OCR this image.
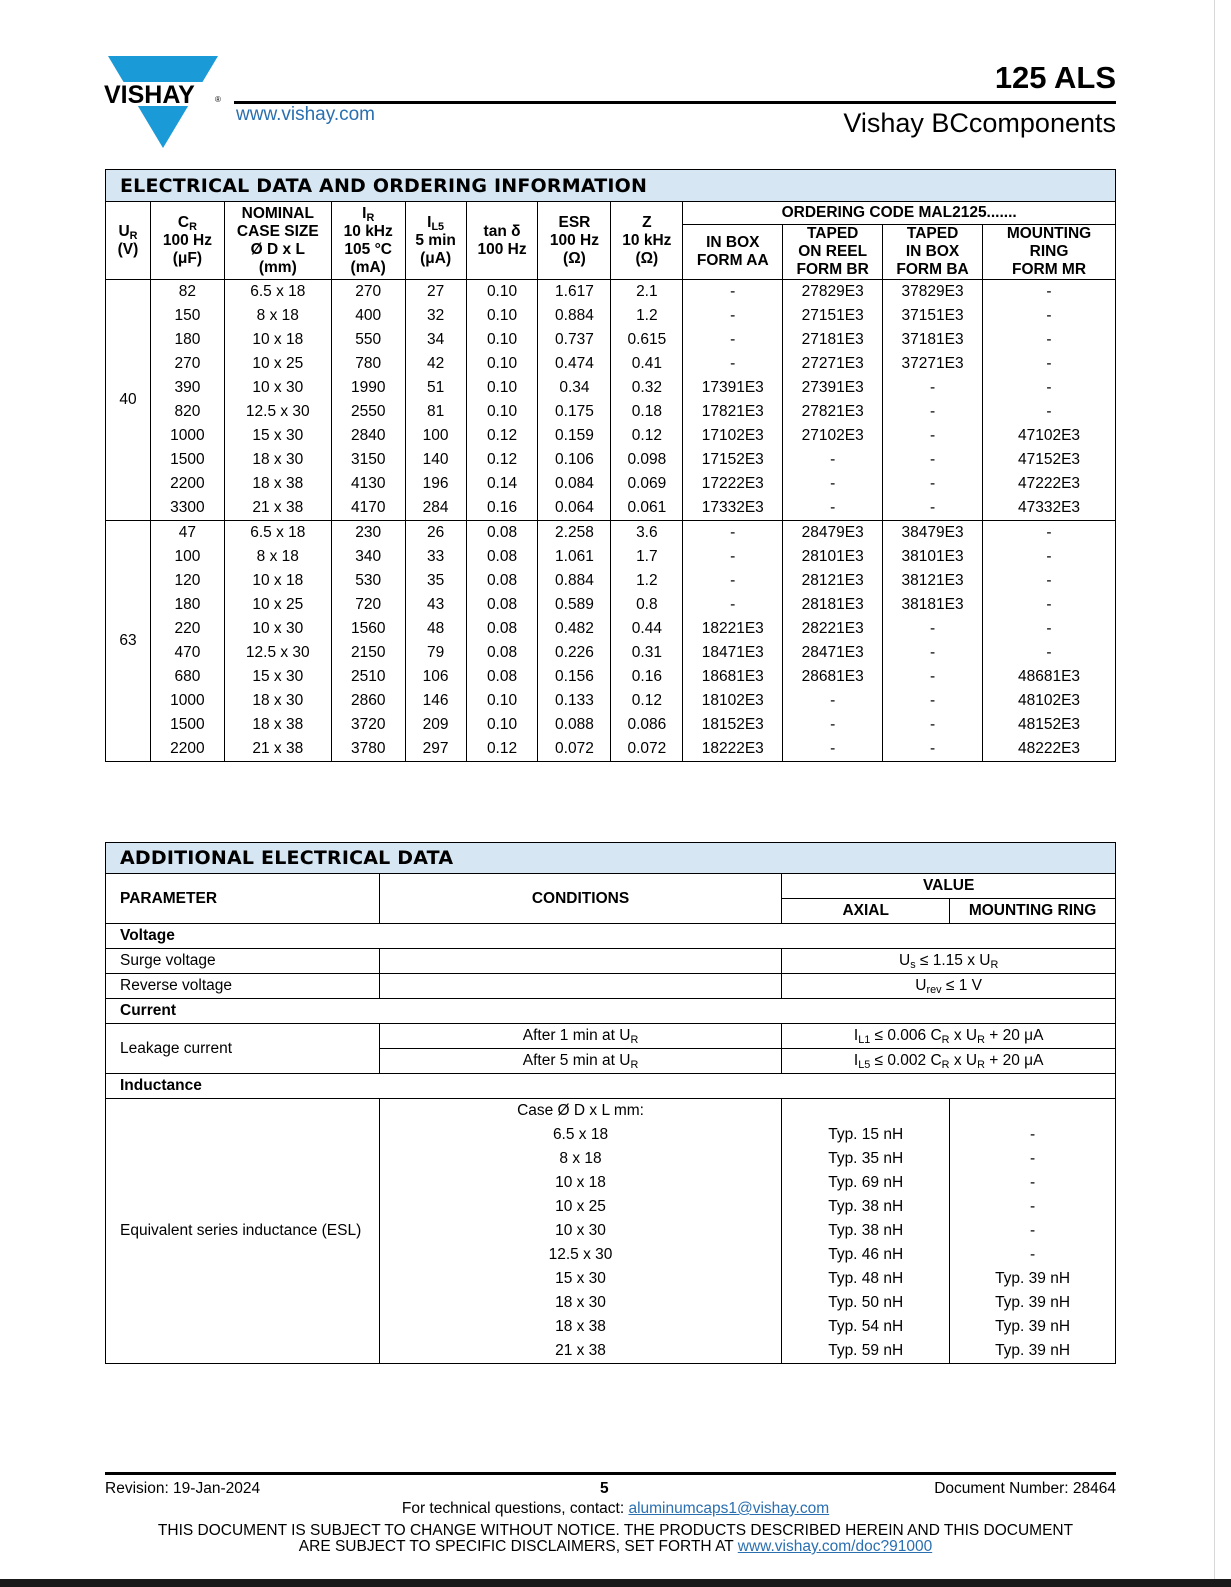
VISHAY	®
www.vishay.com
125 ALS
Vishay BCcomponents
ELECTRICAL DATA AND ORDERING INFORMATION											
$U_R$
(V)	$C_R$
100 Hz
(μF)	NOMINAL
CASE SIZE
Ø D x L
(mm)	$I_R$
10 kHz
105 °C
(mA)	$I_{L5}$
5 min
(μA)	tan δ
100 Hz	ESR
100 Hz
(Ω)	Z
10 kHz
(Ω)	ORDERING CODE MAL2125.......			
								IN BOX
FORM AA	TAPED
ON REEL
FORM BR	TAPED
IN BOX
FORM BA	MOUNTING
RING
FORM MR
40	82	6.5 x 18	270	27	0.10	1.617	2.1	-	27829E3	37829E3	-
	150	8 x 18	400	32	0.10	0.884	1.2	-	27151E3	37151E3	-
	180	10 x 18	550	34	0.10	0.737	0.615	-	27181E3	37181E3	-
	270	10 x 25	780	42	0.10	0.474	0.41	-	27271E3	37271E3	-
	390	10 x 30	1990	51	0.10	0.34	0.32	17391E3	27391E3	-	-
	820	12.5 x 30	2550	81	0.10	0.175	0.18	17821E3	27821E3	-	-
	1000	15 x 30	2840	100	0.12	0.159	0.12	17102E3	27102E3	-	47102E3
	1500	18 x 30	3150	140	0.12	0.106	0.098	17152E3	-	-	47152E3
	2200	18 x 38	4130	196	0.14	0.084	0.069	17222E3	-	-	47222E3
	3300	21 x 38	4170	284	0.16	0.064	0.061	17332E3	-	-	47332E3
63	47	6.5 x 18	230	26	0.08	2.258	3.6	-	28479E3	38479E3	-
	100	8 x 18	340	33	0.08	1.061	1.7	-	28101E3	38101E3	-
	120	10 x 18	530	35	0.08	0.884	1.2	-	28121E3	38121E3	-
	180	10 x 25	720	43	0.08	0.589	0.8	-	28181E3	38181E3	-
	220	10 x 30	1560	48	0.08	0.482	0.44	18221E3	28221E3	-	-
	470	12.5 x 30	2150	79	0.08	0.226	0.31	18471E3	28471E3	-	-
	680	15 x 30	2510	106	0.08	0.156	0.16	18681E3	28681E3	-	48681E3
	1000	18 x 30	2860	146	0.10	0.133	0.12	18102E3	-	-	48102E3
	1500	18 x 38	3720	209	0.10	0.088	0.086	18152E3	-	-	48152E3
	2200	21 x 38	3780	297	0.12	0.072	0.072	18222E3	-	-	48222E3
ADDITIONAL ELECTRICAL DATA			
PARAMETER	CONDITIONS	VALUE	
		AXIAL	MOUNTING RING
Voltage			
Surge voltage		$U_s \le 1.15$ x $U_R$
Reverse voltage		$U_{rev} \le 1$ V	
Current			
Leakage current	After 1 min at $U_R$	$I_{L1} \le 0.006$ $C_R$ x $U_R + 20$ μA	
	After 5 min at $U_R$	$I_{L5} \le 0.002$ $C_R$ x $U_R + 20$ μA	
Inductance			
Equivalent series inductance (ESL)	Case Ø D x L mm:		
	6.5 x 18	Typ. 15 nH	-
	8 x 18	Typ. 35 nH	-
	10 x 18	Typ. 69 nH	-
	10 x 25	Typ. 38 nH	-
	10 x 30	Typ. 38 nH	-
	12.5 x 30	Typ. 46 nH	-
	15 x 30	Typ. 48 nH	Typ. 39 nH
	18 x 30	Typ. 50 nH	Typ. 39 nH
	18 x 38	Typ. 54 nH	Typ. 39 nH
	21 x 38	Typ. 59 nH	Typ. 39 nH
Revision: 19-Jan-2024	5	Document Number: 28464
For technical questions, contact: aluminumcaps1@vishay.com
THIS DOCUMENT IS SUBJECT TO CHANGE WITHOUT NOTICE. THE PRODUCTS DESCRIBED HEREIN AND THIS DOCUMENT
ARE SUBJECT TO SPECIFIC DISCLAIMERS, SET FORTH AT www.vishay.com/doc?91000
